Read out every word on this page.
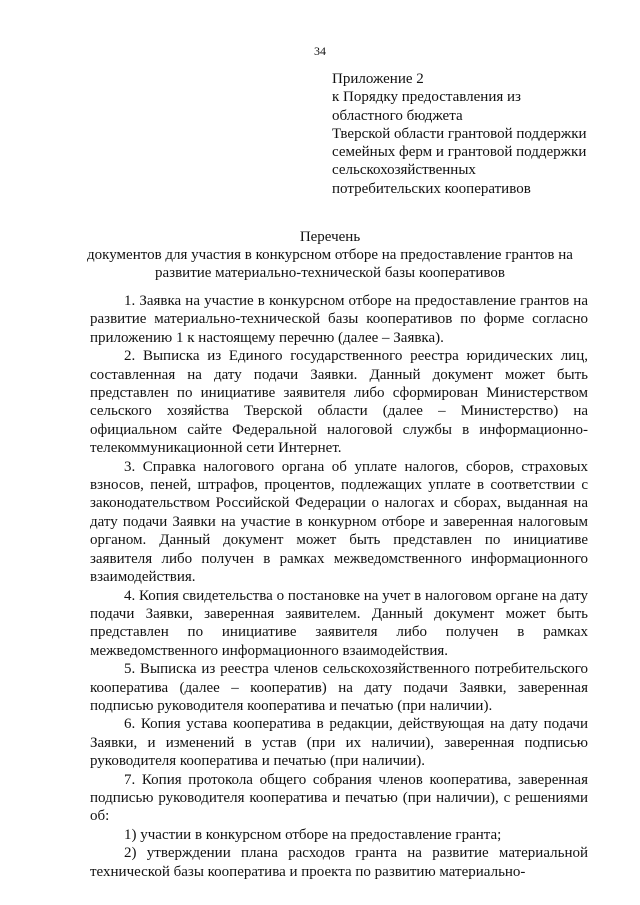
34
Приложение 2
к Порядку предоставления из
областного бюджета
Тверской области грантовой поддержки
семейных ферм и грантовой поддержки
сельскохозяйственных
потребительских кооперативов
Перечень
документов для участия в конкурсном отборе на предоставление грантов на развитие материально-технической базы кооперативов

1. Заявка на участие в конкурсном отборе на предоставление грантов на развитие материально-технической базы кооперативов по форме согласно приложению 1 к настоящему перечню (далее – Заявка).

2. Выписка из Единого государственного реестра юридических лиц, составленная на дату подачи Заявки. Данный документ может быть представлен по инициативе заявителя либо сформирован Министерством сельского хозяйства Тверской области (далее – Министерство) на официальном сайте Федеральной налоговой службы в информационно-телекоммуникационной сети Интернет.

3. Справка налогового органа об уплате налогов, сборов, страховых взносов, пеней, штрафов, процентов, подлежащих уплате в соответствии с законодательством Российской Федерации о налогах и сборах, выданная на дату подачи Заявки на участие в конкурном отборе и заверенная налоговым органом. Данный документ может быть представлен по инициативе заявителя либо получен в рамках межведомственного информационного взаимодействия.

4. Копия свидетельства о постановке на учет в налоговом органе на дату подачи Заявки, заверенная заявителем. Данный документ может быть представлен по инициативе заявителя либо получен в рамках межведомственного информационного взаимодействия.

5. Выписка из реестра членов сельскохозяйственного потребительского кооператива (далее – кооператив) на дату подачи Заявки, заверенная подписью руководителя кооператива и печатью (при наличии).

6. Копия устава кооператива в редакции, действующая на дату подачи Заявки, и изменений в устав (при их наличии), заверенная подписью руководителя кооператива и печатью (при наличии).

7. Копия протокола общего собрания членов кооператива, заверенная подписью руководителя кооператива и печатью (при наличии), с решениями об:

1) участии в конкурсном отборе на предоставление гранта;

2) утверждении плана расходов гранта на развитие материальной технической базы кооператива и проекта по развитию материально-
